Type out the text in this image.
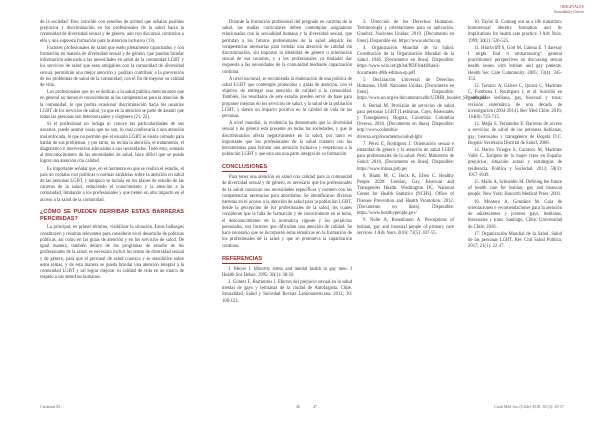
ORIGINALES
Sexualidad y Género

de la sociedad. Esto coincide con estudios de actitud que señalan posibles prejuicios y discriminación en los profesionales de la salud hacia la comunidad de diversidad sexual y de género, aún con discursos contrarios a ello y una supuesta formación para la atención inclusiva (13).

Factores profesionales de salud que estén plenamente capacitados y con formación en materia de diversidad sexual y de género, que puedan brindar información adecuada a las necesidades en salud de la comunidad LGBT y los servicios de salud que sean amigables con la comunidad de diversidad sexual, permitirán una mejor atención y podrían contribuir a la prevención de los problemas de salud de la comunidad, con el fin de mejorar su calidad de vida.

Los profesionales que no se dedican a la salud pública mencionaron que en general no tienen el conocimiento ni las competencias para la atención de la comunidad, lo que podría ocasionar discriminación hacia los usuarios LGBT de los servicios de salud, ya que en la atención se parte de asumir que todas las personas son heterosexuales y cisgénero (21, 22).

Si el profesional no indaga ni conoce las particularidades de sus usuarios, puede asumir cosas que no son, lo cual conllevaría a una atención mal enfocada, lo que no permite que el usuario LGBT se sienta cómodo para hablar de sus problemas, y por tanto, no reciba la atención, el tratamiento, el diagnóstico e intervención adecuados a sus necesidades. Todo esto, sumado al desconocimiento de las necesidades de salud, hace difícil que se pueda lograr una atención con calidad.

Es importante señalar que, en el momento en que se realizó el estudio, el país no contaba con políticas o normas sanitarias sobre la atención en salud de las personas LGBT, y tampoco se incluía en los planes de estudio de las carreras de la salud, reduciendo el conocimiento y la atención a la comunidad, limitando a los profesionales y que tienen un alto impacto en el acceso a la salud de la comunidad.

¿CÓMO SE PUEDEN DERRIBAR ESTAS BARRERAS PERCIBIDAS?

La principal, en primer término, visibilizar la situación. Estos hallazgos constituyen y resultan relevantes para considerar en el desarrollo de políticas públicas, así como en las guías de atención y en los servicios de salud. De igual manera, también dentro de los programas de estudio de los profesionales de la salud, es necesario incluir los temas de diversidad sexual y de género, para que el personal de salud conozca y se sensibilice sobre estos temas, y de esta manera se pueda brindar una atención integral a la comunidad LGBT y así lograr mejorar su calidad de vida en un marco de respeto a sus derechos humanos.

Durante la formación profesional del pregrado en carreras de la salud, las mallas curriculares deben contemplar asignaturas relacionadas con la sexualidad humana y la diversidad sexual, que permitan a los futuros profesionales de la salud adquirir las competencias necesarias para brindar una atención de calidad sin discriminación, sin importar la identidad de género u orientación sexual de sus usuarios, y a los profesionales ya titulados dar respuesta a las necesidades de la comunidad mediante capacitación continua.

A nivel nacional, se recomienda la elaboración de una política de salud LGBT que contemple protocolos y guías de atención, con el objetivo de entregar una atención de calidad a la comunidad. También, los resultados de este estudio pueden servir de base para proponer mejoras en los servicios de salud, y la salud de la población LGBT, y tienen un impacto positivo en la calidad de vida de las personas.

A nivel mundial, la evidencia ha demostrado que la diversidad sexual y de género está presente en todas las sociedades, y que la discriminación afecta negativamente en la salud, por tanto es importante que los profesionales de la salud cuenten con las herramientas para brindar una atención inclusiva y respetuosa a la población LGBT y que esta sea una parte integral de su formación.

CONCLUSIONES

Para tener una atención en salud con calidad para la comunidad de diversidad sexual y de género, es necesario que los profesionales de la salud conozcan sus necesidades específicas y cuenten con las competencias necesarias para abordarlas. Se identificaron diversas barreras en el acceso a la atención de salud para la población LGBT, desde la percepción de los profesionales de la salud, los cuales consideran que la falta de formación y de conocimiento en el tema, el desconocimiento de la normativa vigente y los prejuicios personales, son factores que dificultan una atención de calidad. Se hace necesario que se incorporen estas temáticas en la formación de los profesionales de la salud y que se promueva la capacitación continua.

REFERENCIAS

1. Meyer I. Minority stress and mental health in gay men. J Health Soc Behav. 1995; 36(1): 38-56.

2. Gómez F, Barrientos J. Efectos del prejuicio sexual en la salud mental de gays y lesbianas de la ciudad de Antofagasta, Chile. Sexualidad, Salud y Sociedad Revista Latinoamericana. 2012; 10: 100-123.

3. Dirección de los Derechos Humanos. Terminología y orientaciones para su aplicación. Ginebra: Naciones Unidas; 2019. [Documento en línea]. Disponible en: https://www.ohchr.org

4. Organización Mundial de la Salud. Constitución de la Organización Mundial de la Salud. 1946. [Documento en línea]. Disponible: https://www.who.int/gb/bd/PDF/bd48/basic-documents-48th-edition-sp.pdf

5. Declaración Universal de Derechos Humanos. 1948. Naciones Unidas. [Documento en línea]. Disponible: https://www.un.org/es/documents/udhr/UDHR_booklet_SP_web.pdf

6. Bernal M. Provisión de servicios de salud para personas LGBT (Lesbianas, Gays, Bisexuales y Transgénero). Bogotá, Colombia: Colombia Diversa, 2010. [Documento en línea]. Disponible: http://www.colombia-diversa.org/documentos/salud-lgbt

7. Pérez E, Rodríguez J. Orientación sexual e identidad de género y la atención de salud LGBT para profesionales de la salud. Perú: Ministerio de Salud; 2016. [Documento en línea]. Disponible: https://www.minsa.gob.pe/

8. Blank M, C, Buck K, Ellen C. Healthy People 2020: Lesbian, Gay, Bisexual and Transgender Health. Washington DC. National Center for Health Statistics (NCHS), Office of Disease Prevention and Health Promotion. 2012. [Documento en línea]. Disponible: https://www.healthypeople.gov/

9. Nolle A, Rosenbaum A. Perceptions of lesbian, gay and bisexual people of primary care services. J Adv Nurs. 2016; 72(5): 447-55.

10. Taylor B. Coming out as a life transition: homosexual identity formation and its implications for health care practice. J Adv Nurs. 1999; 30(2): 520-525.

11. Hinchcliff S, Gott M, Galena E. 'I daresay I might find it embarrassing': general practitioners' perspectives on discussing sexual health issues with lesbian and gay patients. Health Soc Care Community. 2005; 13(4): 345-353.

12. Tomicic A, Gálvez C, Quiroz C, Martínez C, Fontbona J, Rodríguez J, et al. Suicidio en poblaciones lesbiana, gay, bisexual y trans: revisión sistemática de una década de investigación (2004-2014). Rev Med Chile. 2016; 144(6): 723-733.

13. Mejía S, Fernández E. Barreras de acceso a servicios de salud de las personas lesbianas, gay, bisexuales y transgénero de Bogotá D.C. Bogotá: Secretaría Distrital de Salud; 2008.

14. Barrio Vinagre S, Carrasco M, Martínez Valle C. Estigma de la mujer trans en España: prejuicios, situación actual y estrategias de resiliencia. Política y Sociedad. 2013; 50(3): 1017-1049.

15. Mallo A, Schneider M. Defining the future of health care for lesbian, gay and bisexual people. New York: Haworth Medical Press; 2001.

16. Montero A, González M. Guía de orientaciones e recomendaciones para la atención de adolescentes y jóvenes gays, lesbianas, bisexuales y trans. Santiago, Chile: Universidad de Chile; 2016.

17. Organización Mundial de la Salud. Salud de las personas LGBT. Rev Chil Salud Pública. 2017; 21(1): 22-37.

Cárdenas M.	46	47	Cuad Méd Soc (Chile) 2018, 58 (2): 45-57
